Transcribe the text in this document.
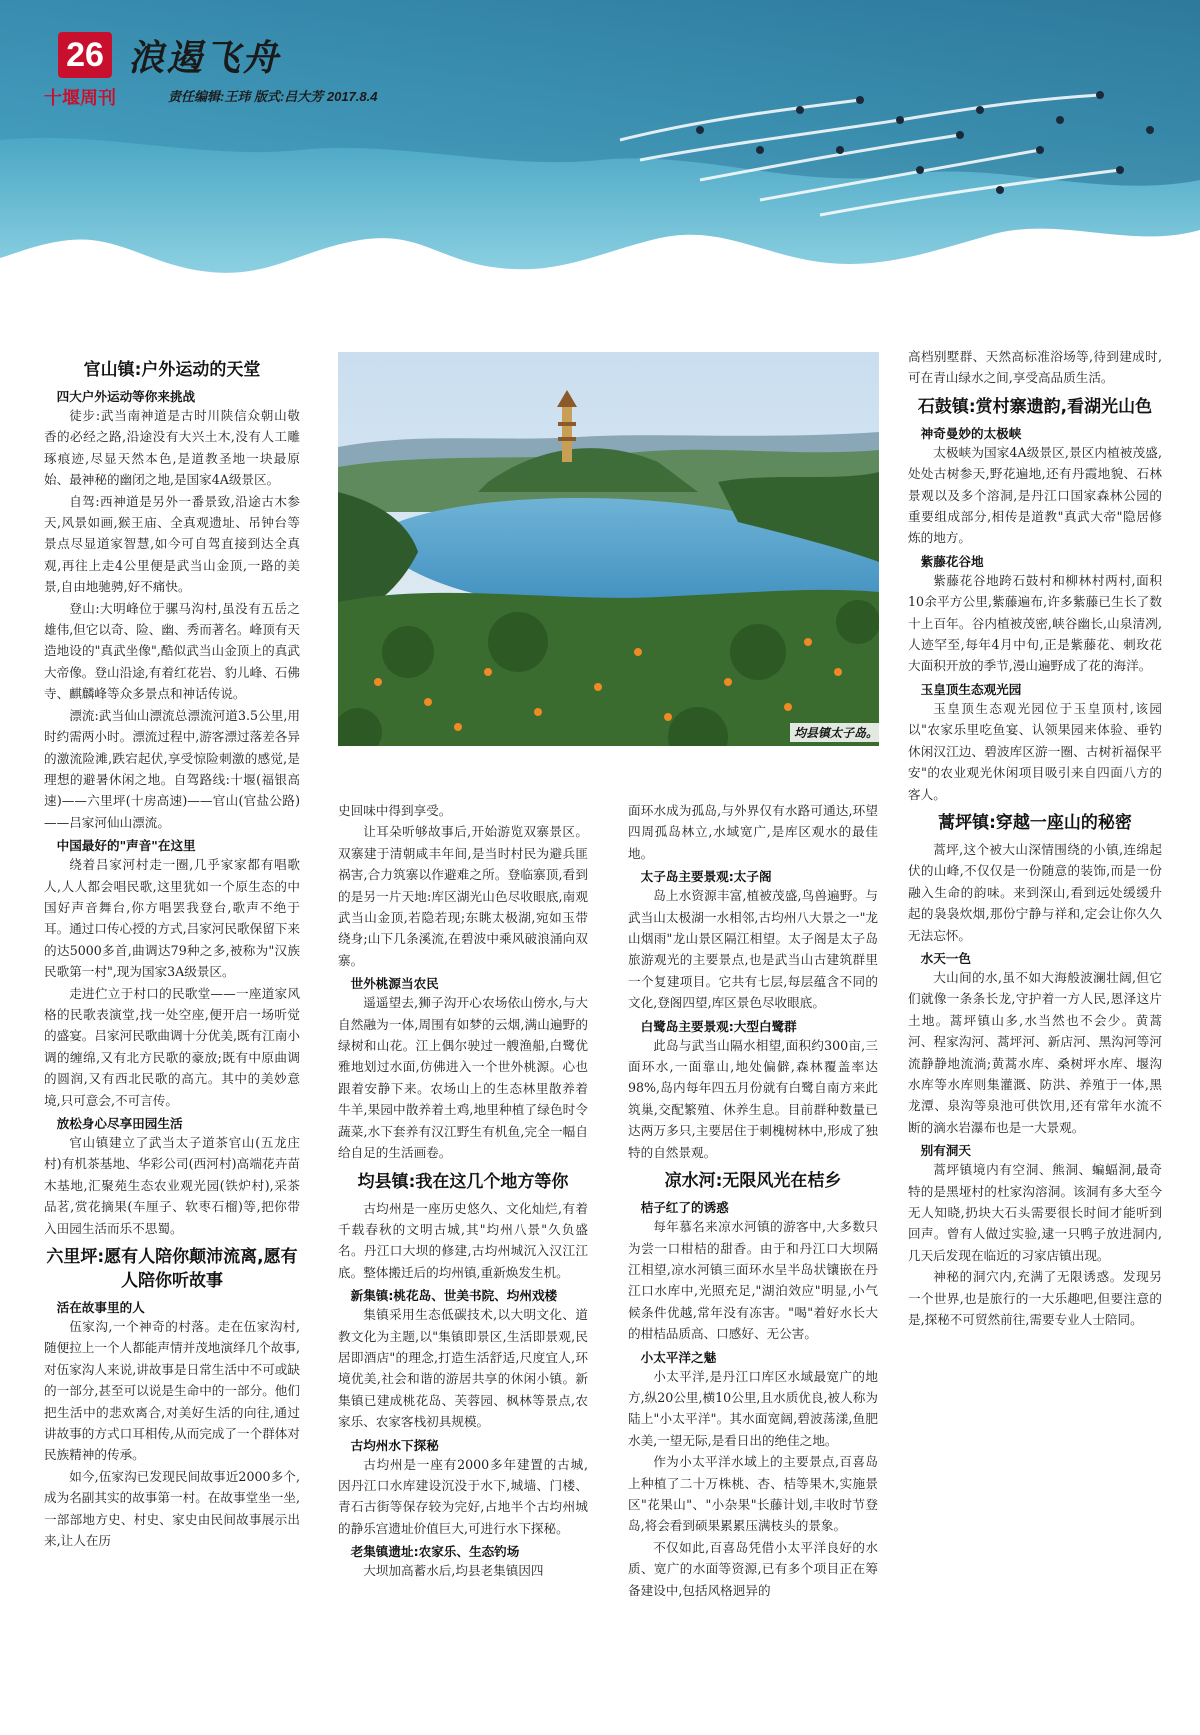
26 浪遏飞舟
十堰周刊	责任编辑:王玮 版式:吕大芳 2017.8.4
均县镇太子岛。
官山镇:户外运动的天堂
四大户外运动等你来挑战

徒步:武当南神道是古时川陕信众朝山敬香的必经之路,沿途没有大兴土木,没有人工雕琢痕迹,尽显天然本色,是道教圣地一块最原始、最神秘的幽闭之地,是国家4A级景区。

自驾:西神道是另外一番景致,沿途古木参天,风景如画,猴王庙、全真观遗址、吊钟台等景点尽显道家智慧,如今可自驾直接到达全真观,再往上走4公里便是武当山金顶,一路的美景,自由地驰骋,好不痛快。

登山:大明峰位于骡马沟村,虽没有五岳之雄伟,但它以奇、险、幽、秀而著名。峰顶有天造地设的"真武坐像",酷似武当山金顶上的真武大帝像。登山沿途,有着红花岩、豹儿峰、石佛寺、麒麟峰等众多景点和神话传说。

漂流:武当仙山漂流总漂流河道3.5公里,用时约需两小时。漂流过程中,游客漂过落差各异的激流险滩,跌宕起伏,享受惊险刺激的感觉,是理想的避暑休闲之地。自驾路线:十堰(福银高速)——六里坪(十房高速)——官山(官盐公路)——吕家河仙山漂流。

中国最好的"声音"在这里

绕着吕家河村走一圈,几乎家家都有唱歌人,人人都会唱民歌,这里犹如一个原生态的中国好声音舞台,你方唱罢我登台,歌声不绝于耳。通过口传心授的方式,吕家河民歌保留下来的达5000多首,曲调达79种之多,被称为"汉族民歌第一村",现为国家3A级景区。

走进伫立于村口的民歌堂——一座道家风格的民歌表演堂,找一处空座,便开启一场听觉的盛宴。吕家河民歌曲调十分优美,既有江南小调的缠绵,又有北方民歌的豪放;既有中原曲调的圆润,又有西北民歌的高亢。其中的美妙意境,只可意会,不可言传。

放松身心尽享田园生活

官山镇建立了武当太子道茶官山(五龙庄村)有机茶基地、华彩公司(西河村)高端花卉苗木基地,汇聚苑生态农业观光园(铁炉村),采茶品茗,赏花摘果(车厘子、软枣石榴)等,把你带入田园生活而乐不思蜀。

六里坪:愿有人陪你颠沛流离,愿有人陪你听故事
活在故事里的人

伍家沟,一个神奇的村落。走在伍家沟村,随便拉上一个人都能声情并茂地演绎几个故事,对伍家沟人来说,讲故事是日常生活中不可或缺的一部分,甚至可以说是生命中的一部分。他们把生活中的悲欢离合,对美好生活的向往,通过讲故事的方式口耳相传,从而完成了一个群体对民族精神的传承。

如今,伍家沟已发现民间故事近2000多个,成为名副其实的故事第一村。在故事堂坐一坐,一部部地方史、村史、家史由民间故事展示出来,让人在历

史回味中得到享受。

让耳朵听够故事后,开始游览双寨景区。双寨建于清朝咸丰年间,是当时村民为避兵匪祸害,合力筑寨以作避难之所。登临寨顶,看到的是另一片天地:库区湖光山色尽收眼底,南观武当山金顶,若隐若现;东眺太极湖,宛如玉带绕身;山下几条溪流,在碧波中乘风破浪涌向双寨。

世外桃源当农民

遥遥望去,狮子沟开心农场依山傍水,与大自然融为一体,周围有如梦的云烟,满山遍野的绿树和山花。江上偶尔驶过一艘渔船,白鹭优雅地划过水面,仿佛进入一个世外桃源。心也跟着安静下来。农场山上的生态林里散养着牛羊,果园中散养着土鸡,地里种植了绿色时令蔬菜,水下套养有汉江野生有机鱼,完全一幅自给自足的生活画卷。

均县镇:我在这几个地方等你

古均州是一座历史悠久、文化灿烂,有着千载春秋的文明古城,其"均州八景"久负盛名。丹江口大坝的修建,古均州城沉入汉江江底。整体搬迁后的均州镇,重新焕发生机。

新集镇:桃花岛、世美书院、均州戏楼

集镇采用生态低碳技术,以大明文化、道教文化为主题,以"集镇即景区,生活即景观,民居即酒店"的理念,打造生活舒适,尺度宜人,环境优美,社会和谐的游居共享的休闲小镇。新集镇已建成桃花岛、芙蓉园、枫林等景点,农家乐、农家客栈初具规模。

古均州水下探秘

古均州是一座有2000多年建置的古城,因丹江口水库建设沉没于水下,城墙、门楼、青石古街等保存较为完好,占地半个古均州城的静乐宫遗址价值巨大,可进行水下探秘。

老集镇遗址:农家乐、生态钓场

大坝加高蓄水后,均县老集镇因四

面环水成为孤岛,与外界仅有水路可通达,环望四周孤岛林立,水域宽广,是库区观水的最佳地。

太子岛主要景观:太子阁

岛上水资源丰富,植被茂盛,鸟兽遍野。与武当山太极湖一水相邻,古均州八大景之一"龙山烟雨"龙山景区隔江相望。太子阁是太子岛旅游观光的主要景点,也是武当山古建筑群里一个复建项目。它共有七层,每层蕴含不同的文化,登阁四望,库区景色尽收眼底。

白鹭岛主要景观:大型白鹭群

此岛与武当山隔水相望,面积约300亩,三面环水,一面靠山,地处偏僻,森林覆盖率达98%,岛内每年四五月份就有白鹭自南方来此筑巢,交配繁殖、休养生息。目前群种数量已达两万多只,主要居住于刺槐树林中,形成了独特的自然景观。

凉水河:无限风光在桔乡
桔子红了的诱惑

每年慕名来凉水河镇的游客中,大多数只为尝一口柑桔的甜香。由于和丹江口大坝隔江相望,凉水河镇三面环水呈半岛状镶嵌在丹江口水库中,光照充足,"湖泊效应"明显,小气候条件优越,常年没有冻害。"喝"着好水长大的柑桔品质高、口感好、无公害。

小太平洋之魅

小太平洋,是丹江口库区水域最宽广的地方,纵20公里,横10公里,且水质优良,被人称为陆上"小太平洋"。其水面宽阔,碧波荡漾,鱼肥水美,一望无际,是看日出的绝佳之地。

作为小太平洋水域上的主要景点,百喜岛上种植了二十万株桃、杏、桔等果木,实施景区"花果山"、"小杂果"长藤计划,丰收时节登岛,将会看到硕果累累压满枝头的景象。

不仅如此,百喜岛凭借小太平洋良好的水质、宽广的水面等资源,已有多个项目正在筹备建设中,包括风格迥异的

高档别墅群、天然高标准浴场等,待到建成时,可在青山绿水之间,享受高品质生活。

石鼓镇:赏村寨遗韵,看湖光山色
神奇曼妙的太极峡

太极峡为国家4A级景区,景区内植被茂盛,处处古树参天,野花遍地,还有丹霞地貌、石林景观以及多个溶洞,是丹江口国家森林公园的重要组成部分,相传是道教"真武大帝"隐居修炼的地方。

紫藤花谷地

紫藤花谷地跨石鼓村和柳林村两村,面积10余平方公里,紫藤遍布,许多紫藤已生长了数十上百年。谷内植被茂密,峡谷幽长,山泉清冽,人迹罕至,每年4月中旬,正是紫藤花、刺玫花大面积开放的季节,漫山遍野成了花的海洋。

玉皇顶生态观光园

玉皇顶生态观光园位于玉皇顶村,该园以"农家乐里吃鱼宴、认领果园来体验、垂钓休闲汉江边、碧波库区游一圈、古树祈福保平安"的农业观光休闲项目吸引来自四面八方的客人。

蒿坪镇:穿越一座山的秘密

蒿坪,这个被大山深情围绕的小镇,连绵起伏的山峰,不仅仅是一份随意的装饰,而是一份融入生命的韵味。来到深山,看到远处缓缓升起的袅袅炊烟,那份宁静与祥和,定会让你久久无法忘怀。

水天一色

大山间的水,虽不如大海般波澜壮阔,但它们就像一条条长龙,守护着一方人民,恩泽这片土地。蒿坪镇山多,水当然也不会少。黄蒿河、程家沟河、蒿坪河、新店河、黑沟河等河流静静地流淌;黄蒿水库、桑树坪水库、堰沟水库等水库则集灌溉、防洪、养殖于一体,黑龙潭、泉沟等泉池可供饮用,还有常年水流不断的滴水岩瀑布也是一大景观。

别有洞天

蒿坪镇境内有空洞、熊洞、蝙蝠洞,最奇特的是黑垭村的杜家沟溶洞。该洞有多大至今无人知晓,扔块大石头需要很长时间才能听到回声。曾有人做过实验,逮一只鸭子放进洞内,几天后发现在临近的习家店镇出现。

神秘的洞穴内,充满了无限诱惑。发现另一个世界,也是旅行的一大乐趣吧,但要注意的是,探秘不可贸然前往,需要专业人士陪同。
